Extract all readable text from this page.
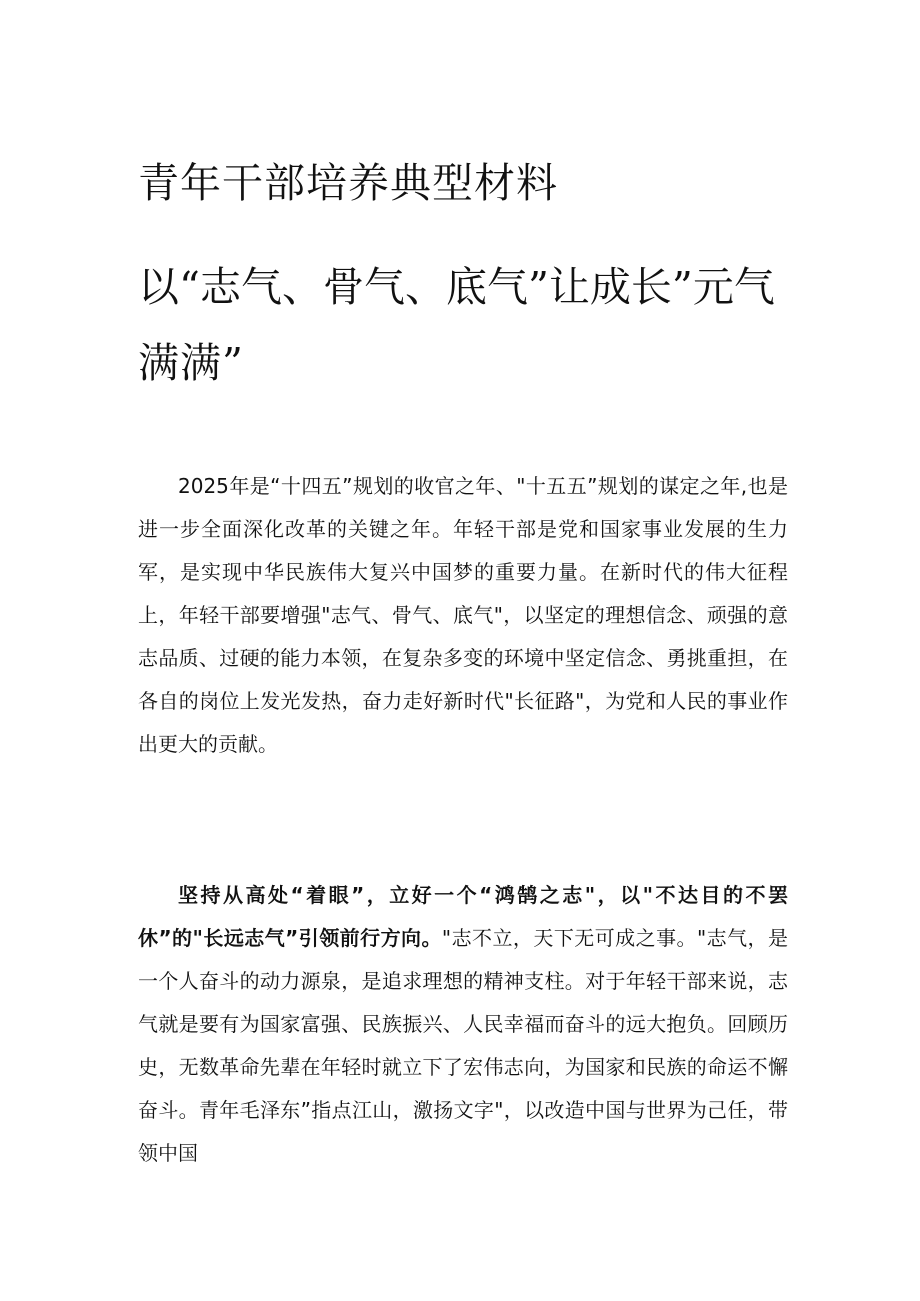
青年干部培养典型材料
以“志气、骨气、底气”让成长”元气
满满”

2025年是“十四五”规划的收官之年、"十五五”规划的谋定之年,也是进一步全面深化改革的关键之年。年轻干部是党和国家事业发展的生力军，是实现中华民族伟大复兴中国梦的重要力量。在新时代的伟大征程上，年轻干部要增强"志气、骨气、底气"，以坚定的理想信念、顽强的意志品质、过硬的能力本领，在复杂多变的环境中坚定信念、勇挑重担，在各自的岗位上发光发热，奋力走好新时代"长征路"，为党和人民的事业作出更大的贡献。

坚持从高处“着眼”，立好一个“鸿鹄之志"，以"不达目的不罢休”的"长远志气”引领前行方向。"志不立，天下无可成之事。"志气，是一个人奋斗的动力源泉，是追求理想的精神支柱。对于年轻干部来说，志气就是要有为国家富强、民族振兴、人民幸福而奋斗的远大抱负。回顾历史，无数革命先辈在年轻时就立下了宏伟志向，为国家和民族的命运不懈奋斗。青年毛泽东”指点江山，激扬文字"，以改造中国与世界为己任，带领中国
